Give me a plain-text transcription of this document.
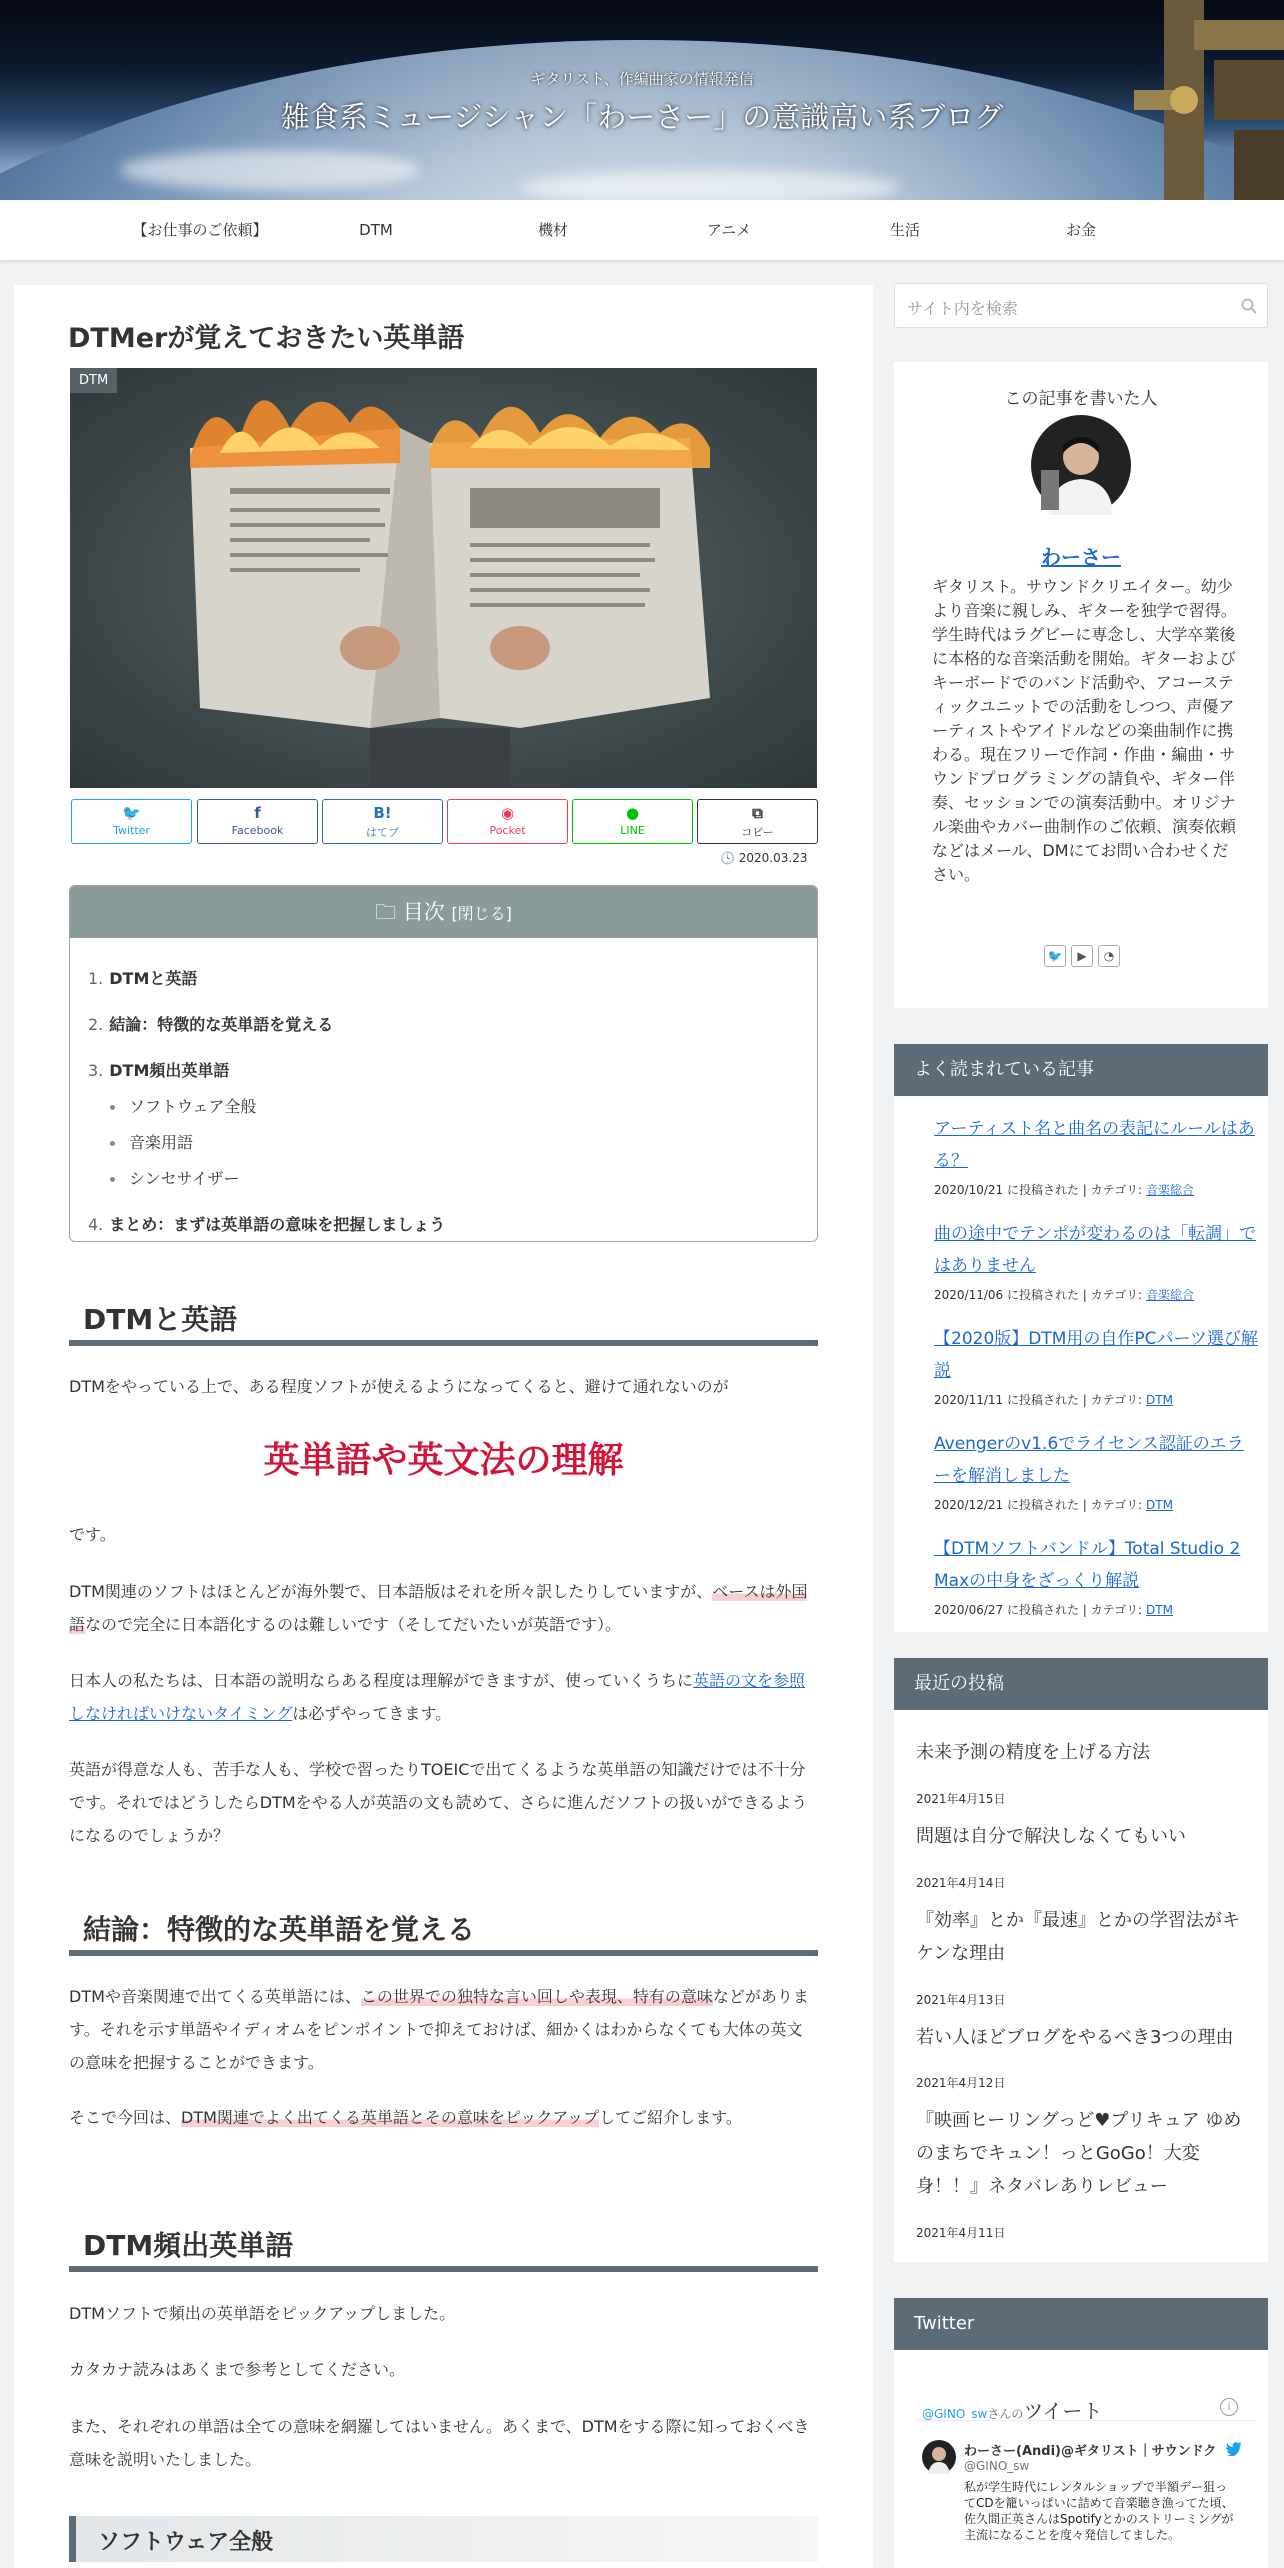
ギタリスト、作編曲家の情報発信
雑食系ミュージシャン「わーさー」の意識高い系ブログ
【お仕事のご依頼】	DTM	機材	アニメ	生活	お金
DTMerが覚えておきたい英単語
DTM
🐦
Twitter
f
Facebook
B!
はてブ
◉
Pocket
●
LINE
⧉
コピー
🕓 2020.03.23
🗀 目次 [閉じる]
1. DTMと英語
2. 結論：特徴的な英単語を覚える
3. DTM頻出英単語
ソフトウェア全般
音楽用語
シンセサイザー
4. まとめ：まずは英単語の意味を把握しましょう
DTMと英語
DTMをやっている上で、ある程度ソフトが使えるようになってくると、避けて通れないのが
英単語や英文法の理解
です。
DTM関連のソフトはほとんどが海外製で、日本語版はそれを所々訳したりしていますが、ベースは外国語なので完全に日本語化するのは難しいです（そしてだいたいが英語です）。
日本人の私たちは、日本語の説明ならある程度は理解ができますが、使っていくうちに英語の文を参照しなければいけないタイミングは必ずやってきます。
英語が得意な人も、苦手な人も、学校で習ったりTOEICで出てくるような英単語の知識だけでは不十分です。それではどうしたらDTMをやる人が英語の文も読めて、さらに進んだソフトの扱いができるようになるのでしょうか？
結論：特徴的な英単語を覚える
DTMや音楽関連で出てくる英単語には、この世界での独特な言い回しや表現、特有の意味などがあります。それを示す単語やイディオムをピンポイントで抑えておけば、細かくはわからなくても大体の英文の意味を把握することができます。
そこで今回は、DTM関連でよく出てくる英単語とその意味をピックアップしてご紹介します。
DTM頻出英単語
DTMソフトで頻出の英単語をピックアップしました。
カタカナ読みはあくまで参考としてください。
また、それぞれの単語は全ての意味を網羅してはいません。あくまで、DTMをする際に知っておくべき意味を説明いたしました。
ソフトウェア全般
サイト内を検索
この記事を書いた人
わーさー
ギタリスト。サウンドクリエイター。幼少より音楽に親しみ、ギターを独学で習得。学生時代はラグビーに専念し、大学卒業後に本格的な音楽活動を開始。ギターおよびキーボードでのバンド活動や、アコースティックユニットでの活動をしつつ、声優アーティストやアイドルなどの楽曲制作に携わる。現在フリーで作詞・作曲・編曲・サウンドプログラミングの請負や、ギター伴奏、セッションでの演奏活動中。オリジナル楽曲やカバー曲制作のご依頼、演奏依頼などはメール、DMにてお問い合わせください。
🐦	▶	◔
よく読まれている記事
アーティスト名と曲名の表記にルールはある？
2020/10/21 に投稿された | カテゴリ: 音楽総合
曲の途中でテンポが変わるのは「転調」ではありません
2020/11/06 に投稿された | カテゴリ: 音楽総合
【2020版】DTM用の自作PCパーツ選び解説
2020/11/11 に投稿された | カテゴリ: DTM
Avengerのv1.6でライセンス認証のエラーを解消しました
2020/12/21 に投稿された | カテゴリ: DTM
【DTMソフトバンドル】Total Studio 2 Maxの中身をざっくり解説
2020/06/27 に投稿された | カテゴリ: DTM
最近の投稿
未来予測の精度を上げる方法
2021年4月15日
問題は自分で解決しなくてもいい
2021年4月14日
『効率』とか『最速』とかの学習法がキケンな理由
2021年4月13日
若い人ほどブログをやるべき3つの理由
2021年4月12日
『映画ヒーリングっど♥プリキュア ゆめのまちでキュン！っとGoGo！大変身！！』ネタバレありレビュー
2021年4月11日
Twitter
@GINO_swさんのツイート	i
わーさー(Andi)@ギタリスト｜サウンドク
@GINO_sw
私が学生時代にレンタルショップで半額デー狙ってCDを籠いっぱいに詰めて音楽聴き漁ってた頃、佐久間正英さんはSpotifyとかのストリーミングが主流になることを度々発信してました。
